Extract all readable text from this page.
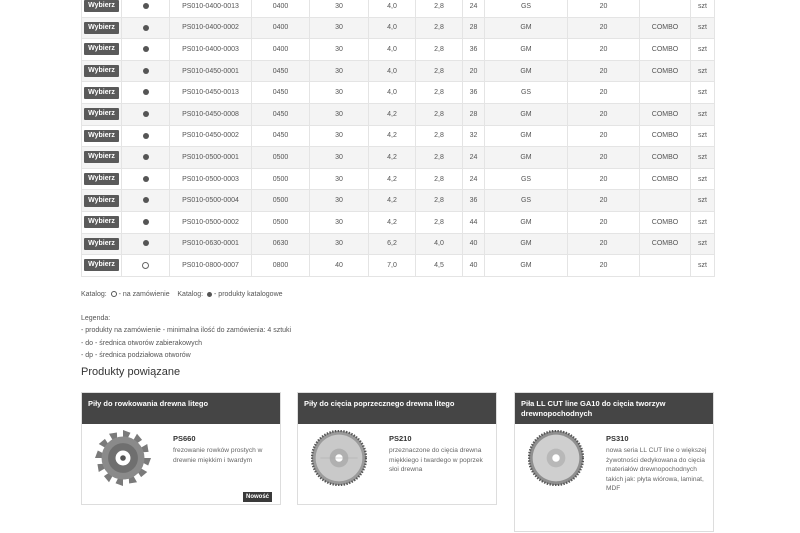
Wybierz		PS010-0400-0013	0400	30	4,0	2,8	24	GS	20		szt
Wybierz		PS010-0400-0002	0400	30	4,0	2,8	28	GM	20	COMBO	szt
Wybierz		PS010-0400-0003	0400	30	4,0	2,8	36	GM	20	COMBO	szt
Wybierz		PS010-0450-0001	0450	30	4,0	2,8	20	GM	20	COMBO	szt
Wybierz		PS010-0450-0013	0450	30	4,0	2,8	36	GS	20		szt
Wybierz		PS010-0450-0008	0450	30	4,2	2,8	28	GM	20	COMBO	szt
Wybierz		PS010-0450-0002	0450	30	4,2	2,8	32	GM	20	COMBO	szt
Wybierz		PS010-0500-0001	0500	30	4,2	2,8	24	GM	20	COMBO	szt
Wybierz		PS010-0500-0003	0500	30	4,2	2,8	24	GS	20	COMBO	szt
Wybierz		PS010-0500-0004	0500	30	4,2	2,8	36	GS	20		szt
Wybierz		PS010-0500-0002	0500	30	4,2	2,8	44	GM	20	COMBO	szt
Wybierz		PS010-0630-0001	0630	30	6,2	4,0	40	GM	20	COMBO	szt
Wybierz		PS010-0800-0007	0800	40	7,0	4,5	40	GM	20		szt
Katalog: - na zamówienie Katalog: - produkty katalogowe
Legenda:
- produkty na zamówienie - minimalna ilość do zamówienia: 4 sztuki
- do - średnica otworów zabierakowych
- dp - średnica podziałowa otworów
Produkty powiązane
Piły do rowkowania drewna litego
PS660
frezowanie rowków prostych w drewnie miękkim i twardym
Nowość
Piły do cięcia poprzecznego drewna litego
PS210
przeznaczone do cięcia drewna miękkiego i twardego w poprzek słoi drewna
Piła LL CUT line GA10 do cięcia tworzyw drewnopochodnych
PS310
nowa seria LL CUT line o większej żywotności dedykowana do cięcia materiałów drewnopochodnych takich jak: płyta wiórowa, laminat, MDF
